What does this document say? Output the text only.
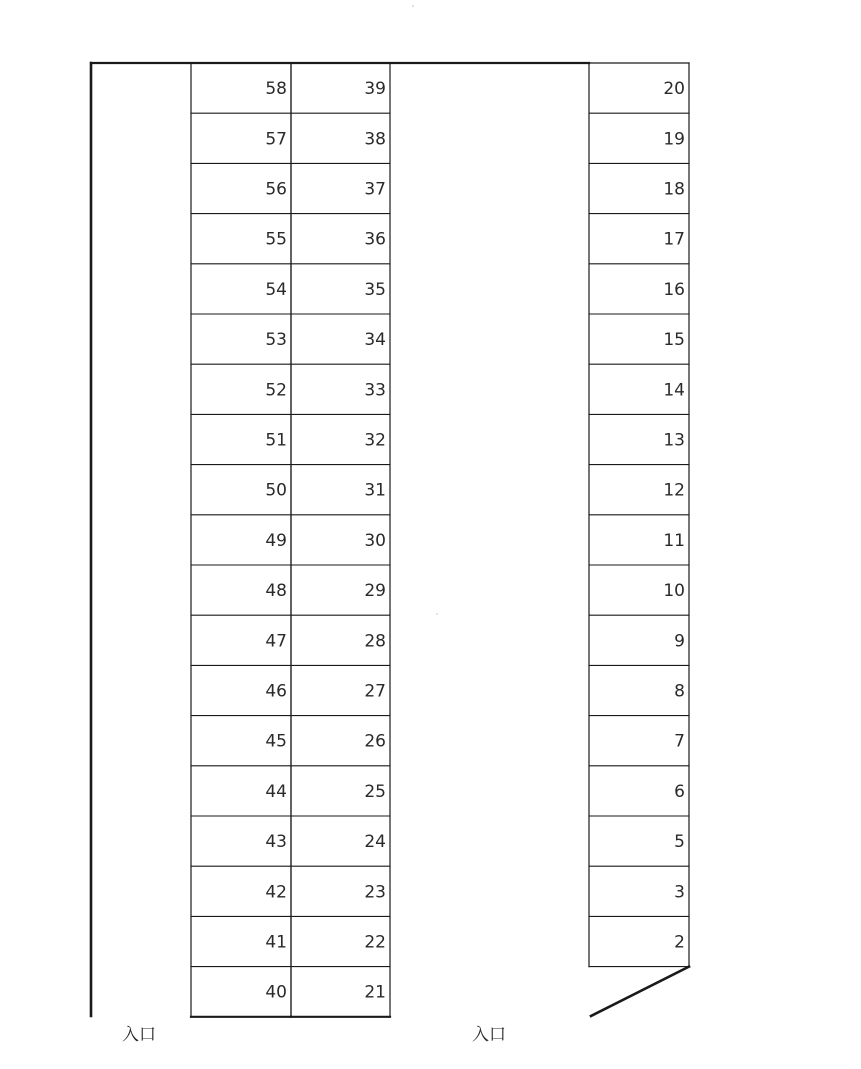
58
57
56
55
54
53
52
51
50
49
48
47
46
45
44
43
42
41
40
39
38
37
36
35
34
33
32
31
30
29
28
27
26
25
24
23
22
21
20
19
18
17
16
15
14
13
12
11
10
9
8
7
6
5
3
2
入口	入口
